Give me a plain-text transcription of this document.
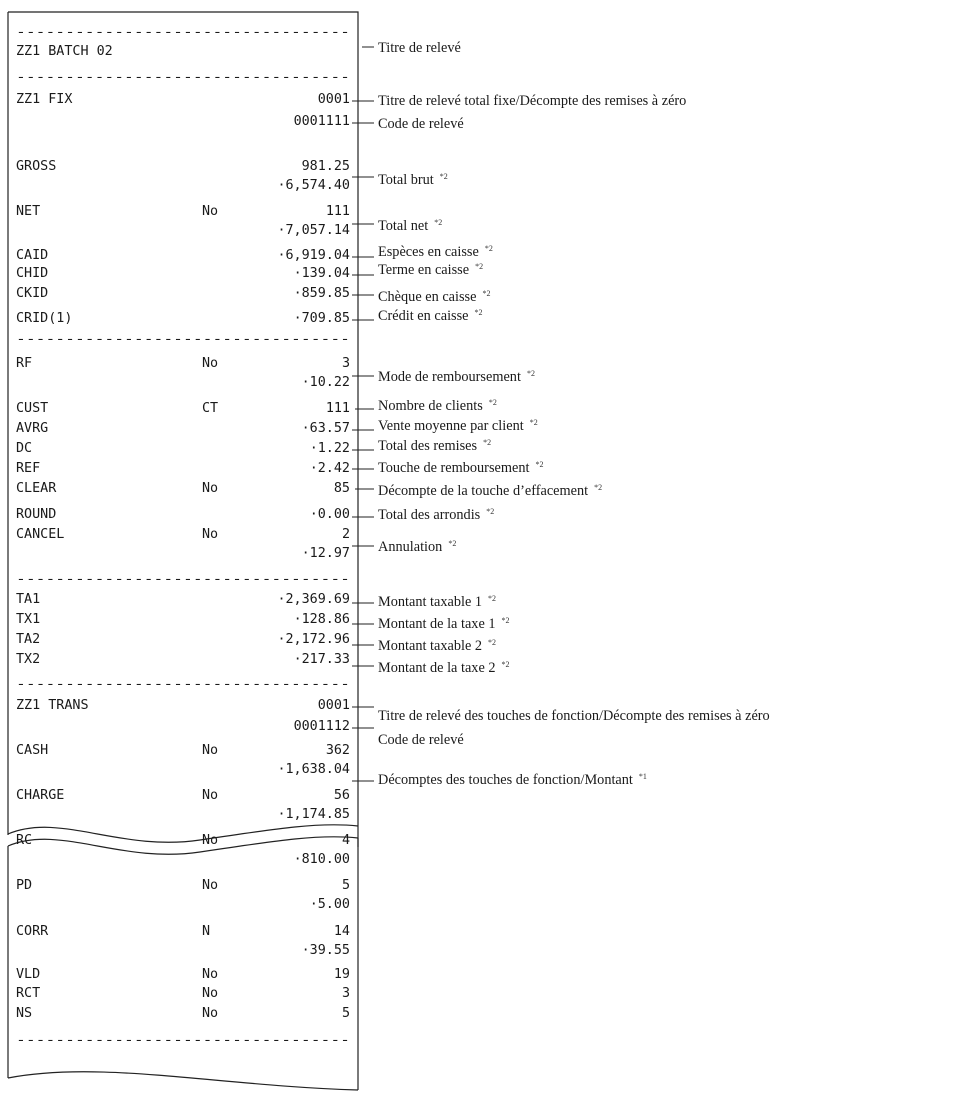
ZZ1 BATCH 02
ZZ1 FIX	0001
0001111
GROSS	981.25
·6,574.40
NET	No	111
·7,057.14
CAID	·6,919.04
CHID	·139.04
CKID	·859.85
CRID(1)	·709.85
RF	No	3
·10.22
CUST	CT	111
AVRG	·63.57
DC	·1.22
REF	·2.42
CLEAR	No	85
ROUND	·0.00
CANCEL	No	2
·12.97
TA1	·2,369.69
TX1	·128.86
TA2	·2,172.96
TX2	·217.33
ZZ1 TRANS	0001
0001112
CASH	No	362
·1,638.04
CHARGE	No	56
·1,174.85
RC	No	4
·810.00
PD	No	5
·5.00
CORR	N	14
·39.55
VLD	No	19
RCT	No	3
NS	No	5
----------------------------------
----------------------------------
----------------------------------
----------------------------------
----------------------------------
----------------------------------
Titre de relevé
Titre de relevé total fixe/Décompte des remises à zéro
Code de relevé
Total brut $^{*2}$
Total net $^{*2}$
Espèces en caisse $^{*2}$
Terme en caisse $^{*2}$
Chèque en caisse $^{*2}$
Crédit en caisse $^{*2}$
Mode de remboursement $^{*2}$
Nombre de clients $^{*2}$
Vente moyenne par client $^{*2}$
Total des remises $^{*2}$
Touche de remboursement $^{*2}$
Décompte de la touche d’effacement $^{*2}$
Total des arrondis $^{*2}$
Annulation $^{*2}$
Montant taxable 1 $^{*2}$
Montant de la taxe 1 $^{*2}$
Montant taxable 2 $^{*2}$
Montant de la taxe 2 $^{*2}$
Titre de relevé des touches de fonction/Décompte des remises à zéro
Code de relevé
Décomptes des touches de fonction/Montant $^{*1}$
